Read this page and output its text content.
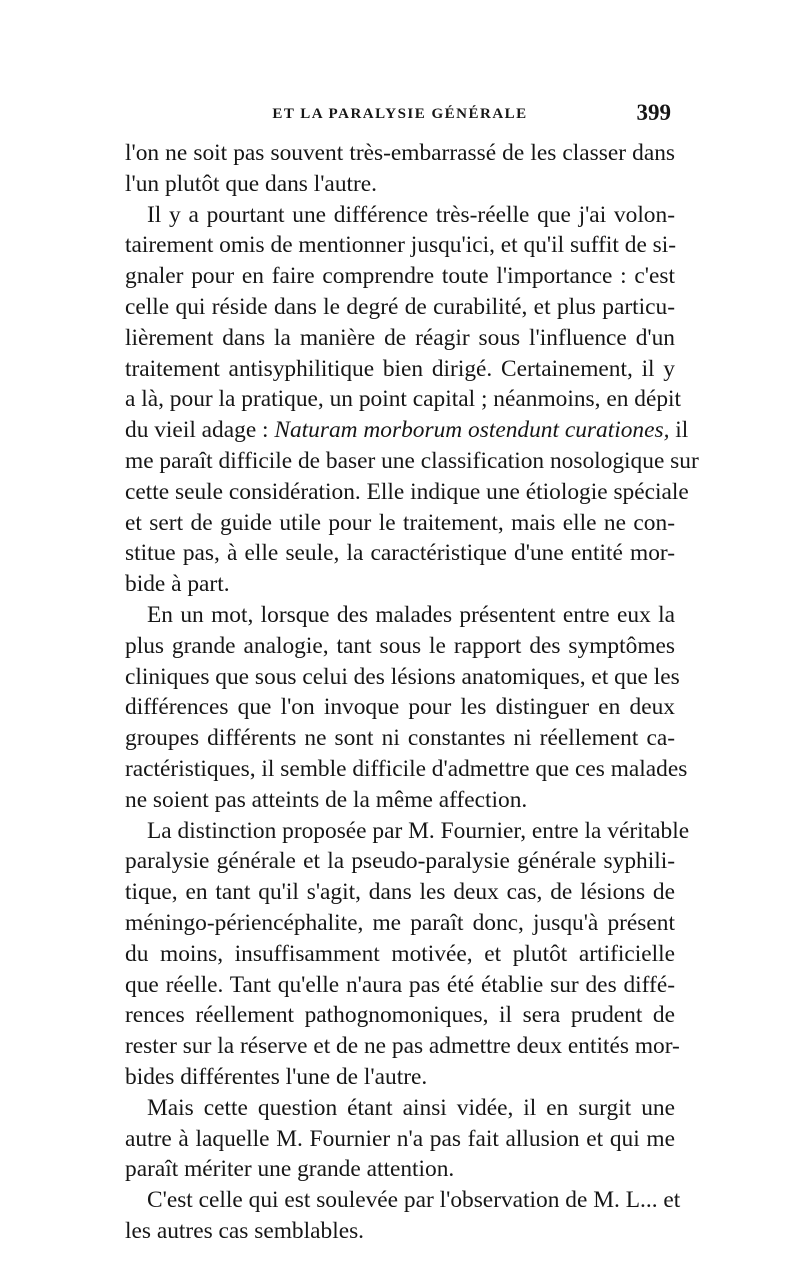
ET LA PARALYSIE GÉNÉRALE	399

l'on ne soit pas souvent très-embarrassé de les classer dans
l'un plutôt que dans l'autre.

Il y a pourtant une différence très-réelle que j'ai volon-
tairement omis de mentionner jusqu'ici, et qu'il suffit de si-
gnaler pour en faire comprendre toute l'importance : c'est
celle qui réside dans le degré de curabilité, et plus particu-
lièrement dans la manière de réagir sous l'influence d'un
traitement antisyphilitique bien dirigé. Certainement, il y
a là, pour la pratique, un point capital ; néanmoins, en dépit
du vieil adage : Naturam morborum ostendunt curationes, il
me paraît difficile de baser une classification nosologique sur
cette seule considération. Elle indique une étiologie spéciale
et sert de guide utile pour le traitement, mais elle ne con-
stitue pas, à elle seule, la caractéristique d'une entité mor-
bide à part.

En un mot, lorsque des malades présentent entre eux la
plus grande analogie, tant sous le rapport des symptômes
cliniques que sous celui des lésions anatomiques, et que les
différences que l'on invoque pour les distinguer en deux
groupes différents ne sont ni constantes ni réellement ca-
ractéristiques, il semble difficile d'admettre que ces malades
ne soient pas atteints de la même affection.

La distinction proposée par M. Fournier, entre la véritable
paralysie générale et la pseudo-paralysie générale syphili-
tique, en tant qu'il s'agit, dans les deux cas, de lésions de
méningo-périencéphalite, me paraît donc, jusqu'à présent
du moins, insuffisamment motivée, et plutôt artificielle
que réelle. Tant qu'elle n'aura pas été établie sur des diffé-
rences réellement pathognomoniques, il sera prudent de
rester sur la réserve et de ne pas admettre deux entités mor-
bides différentes l'une de l'autre.

Mais cette question étant ainsi vidée, il en surgit une
autre à laquelle M. Fournier n'a pas fait allusion et qui me
paraît mériter une grande attention.

C'est celle qui est soulevée par l'observation de M. L... et
les autres cas semblables.
